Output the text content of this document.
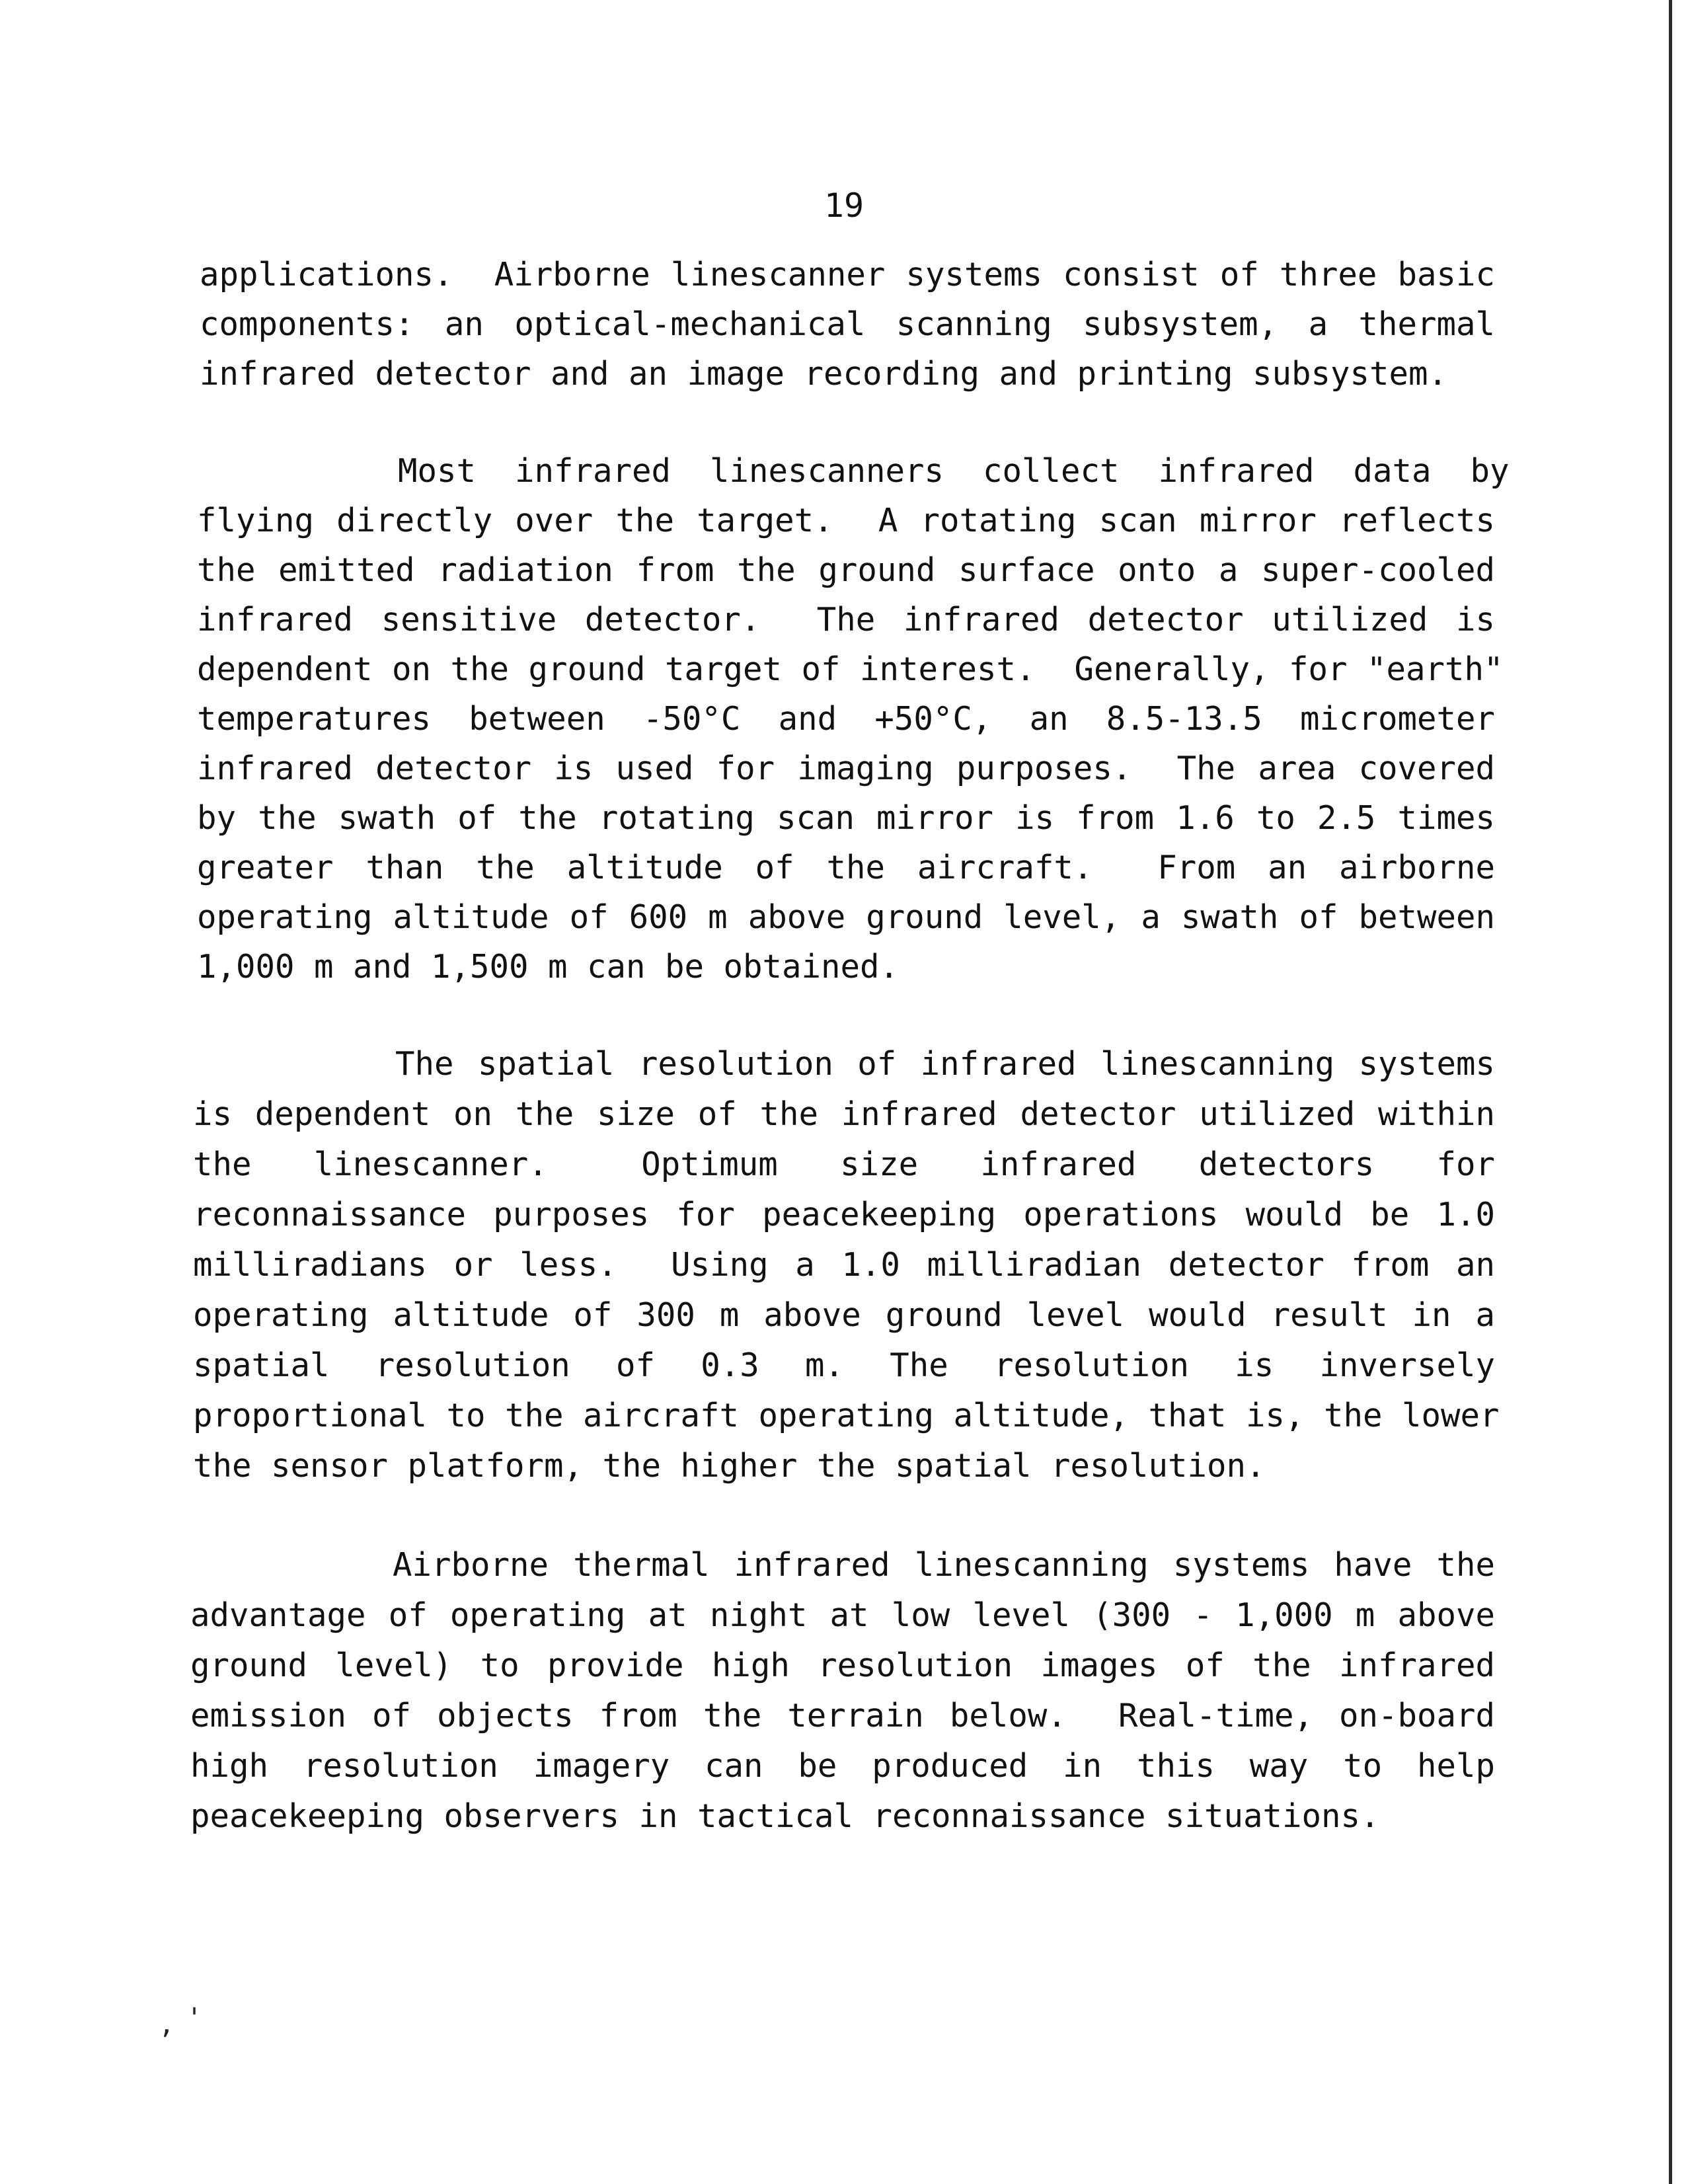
19
applications.  Airborne linescanner systems consist of three basic
components: an optical-mechanical scanning subsystem, a thermal
infrared detector and an image recording and printing subsystem.
Most  infrared  linescanners  collect  infrared  data  by
flying directly over the target.  A rotating scan mirror reflects
the emitted radiation from the ground surface onto a super-cooled
infrared sensitive detector.  The infrared detector utilized is
dependent on the ground target of interest.  Generally, for "earth"
temperatures between -50°C and +50°C, an 8.5-13.5 micrometer
infrared detector is used for imaging purposes.  The area covered
by the swath of the rotating scan mirror is from 1.6 to 2.5 times
greater than the altitude of the aircraft.  From an airborne
operating altitude of 600 m above ground level, a swath of between
1,000 m and 1,500 m can be obtained.
The spatial resolution of infrared linescanning systems
is dependent on the size of the infrared detector utilized within
the  linescanner.   Optimum  size  infrared  detectors  for
reconnaissance purposes for peacekeeping operations would be 1.0
milliradians or less.  Using a 1.0 milliradian detector from an
operating altitude of 300 m above ground level would result in a
spatial  resolution  of  0.3  m.  The  resolution  is  inversely
proportional to the aircraft operating altitude, that is, the lower
the sensor platform, the higher the spatial resolution.
Airborne thermal infrared linescanning systems have the
advantage of operating at night at low level (300 - 1,000 m above
ground level) to provide high resolution images of the infrared
emission of objects from the terrain below.  Real-time, on-board
high resolution imagery can be produced in this way to help
peacekeeping observers in tactical reconnaissance situations.
, '
